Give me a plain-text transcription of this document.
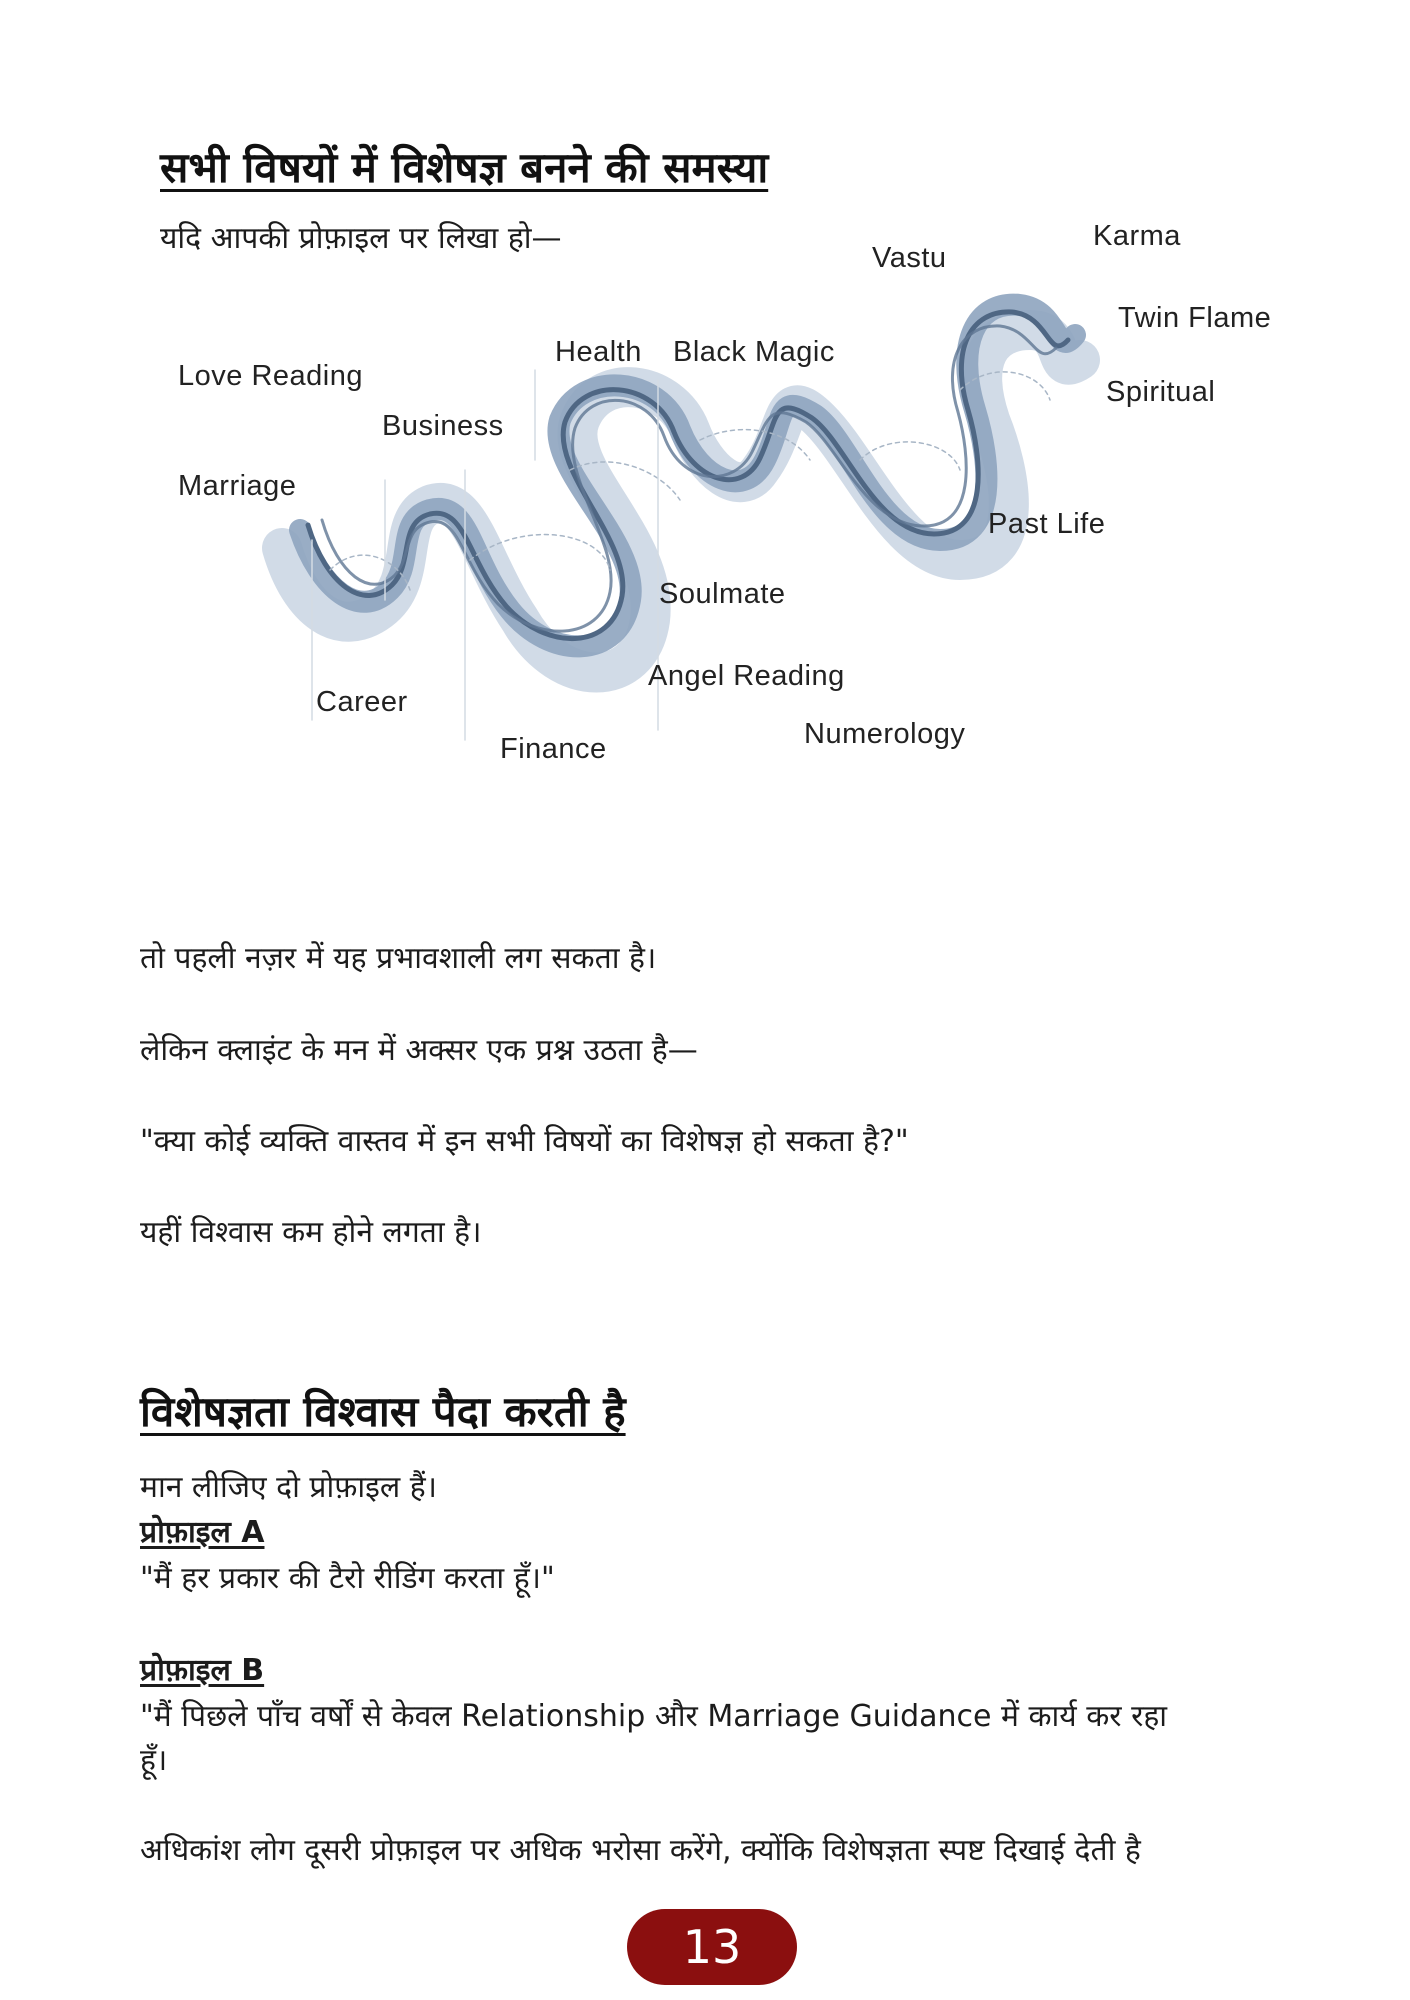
सभी विषयों में विशेषज्ञ बनने की समस्या
यदि आपकी प्रोफ़ाइल पर लिखा हो—
Vastu
Karma
Twin Flame
Spiritual
Health Black Magic
Love Reading
Business
Marriage
Past Life
Soulmate
Angel Reading
Career
Numerology
Finance
तो पहली नज़र में यह प्रभावशाली लग सकता है।
लेकिन क्लाइंट के मन में अक्सर एक प्रश्न उठता है—
"क्या कोई व्यक्ति वास्तव में इन सभी विषयों का विशेषज्ञ हो सकता है?"
यहीं विश्वास कम होने लगता है।
विशेषज्ञता विश्वास पैदा करती है
मान लीजिए दो प्रोफ़ाइल हैं।
प्रोफ़ाइल A
"मैं हर प्रकार की टैरो रीडिंग करता हूँ।"
प्रोफ़ाइल B
"मैं पिछले पाँच वर्षों से केवल Relationship और Marriage Guidance में कार्य कर रहा
हूँ।
अधिकांश लोग दूसरी प्रोफ़ाइल पर अधिक भरोसा करेंगे, क्योंकि विशेषज्ञता स्पष्ट दिखाई देती है
13
